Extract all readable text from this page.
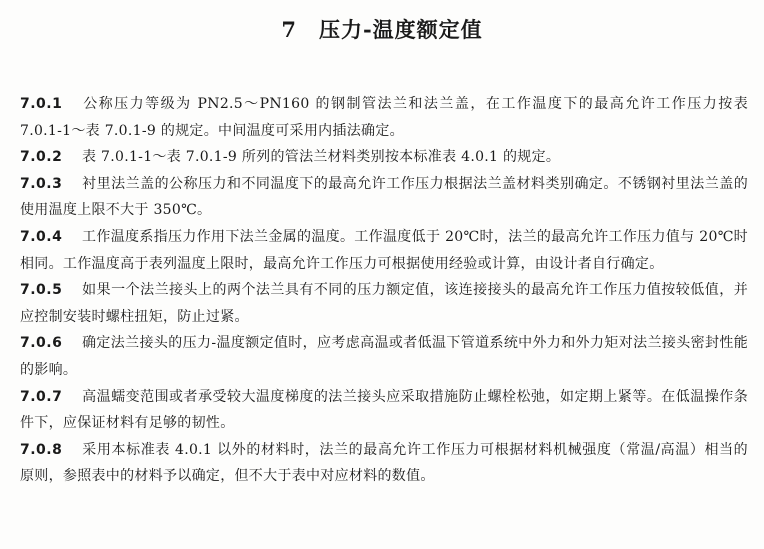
7 压力-温度额定值

7.0.1 公称压力等级为 PN2.5～PN160 的钢制管法兰和法兰盖，在工作温度下的最高允许工作压力按表 7.0.1-1～表 7.0.1-9 的规定。中间温度可采用内插法确定。

7.0.2 表 7.0.1-1～表 7.0.1-9 所列的管法兰材料类别按本标准表 4.0.1 的规定。

7.0.3 衬里法兰盖的公称压力和不同温度下的最高允许工作压力根据法兰盖材料类别确定。不锈钢衬里法兰盖的使用温度上限不大于 350℃。

7.0.4 工作温度系指压力作用下法兰金属的温度。工作温度低于 20℃时，法兰的最高允许工作压力值与 20℃时相同。工作温度高于表列温度上限时，最高允许工作压力可根据使用经验或计算，由设计者自行确定。

7.0.5 如果一个法兰接头上的两个法兰具有不同的压力额定值，该连接接头的最高允许工作压力值按较低值，并应控制安装时螺柱扭矩，防止过紧。

7.0.6 确定法兰接头的压力-温度额定值时，应考虑高温或者低温下管道系统中外力和外力矩对法兰接头密封性能的影响。

7.0.7 高温蠕变范围或者承受较大温度梯度的法兰接头应采取措施防止螺栓松弛，如定期上紧等。在低温操作条件下，应保证材料有足够的韧性。

7.0.8 采用本标准表 4.0.1 以外的材料时，法兰的最高允许工作压力可根据材料机械强度（常温/高温）相当的原则，参照表中的材料予以确定，但不大于表中对应材料的数值。
